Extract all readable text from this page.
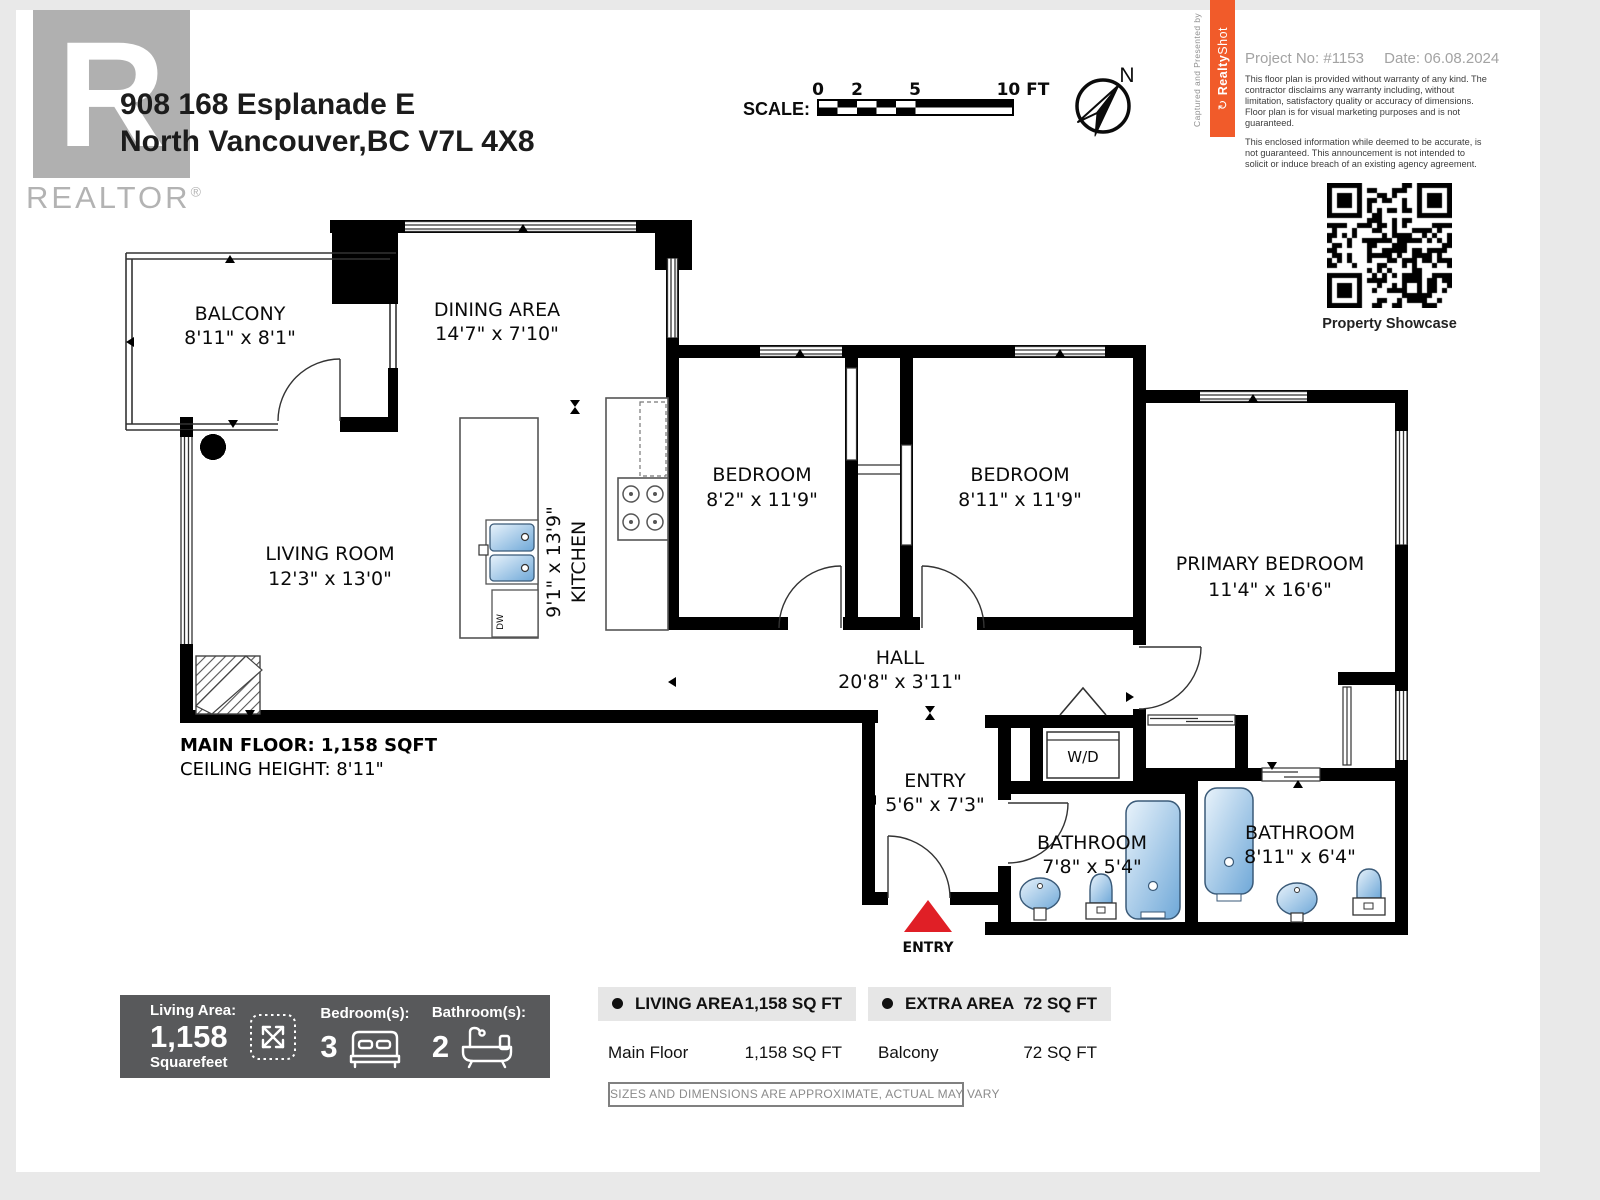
R
REALTOR®
908 168 Esplanade E
North Vancouver,BC V7L 4X8
SCALE:
0 2	5	10 FT
N	Captured and Presented by ↻ RealtyShot
Project No: #1153 Date: 06.08.2024

This floor plan is provided without warranty of any kind. The contractor disclaims any warranty including, without limitation, satisfactory quality or accuracy of dimensions. Floor plan is for visual marketing purposes and is not guaranteed.

This enclosed information while deemed to be accurate, is not guaranteed. This announcement is not intended to solicit or induce breach of an existing agency agreement.

Property Showcase
DW
BALCONY
8'11" x 8'1"
DINING AREA
14'7" x 7'10"
LIVING ROOM
12'3" x 13'0"	KITCHEN
9'1" x 13'9"
BEDROOM
8'2" x 11'9"
BEDROOM
8'11" x 11'9"
PRIMARY BEDROOM
11'4" x 16'6"
HALL
20'8" x 3'11"
ENTRY
5'6" x 7'3"
BATHROOM
7'8" x 5'4"
BATHROOM
8'11" x 6'4"
W/D
ENTRY
MAIN FLOOR: 1,158 SQFT
CEILING HEIGHT: 8'11"
Living Area:
1,158
Squarefeet
Bedroom(s):
3
Bathroom(s):
2
LIVING AREA 1,158 SQ FT
Main Floor	1,158 SQ FT
EXTRA AREA 72 SQ FT
Balcony	72 SQ FT
SIZES AND DIMENSIONS ARE APPROXIMATE, ACTUAL MAY VARY
